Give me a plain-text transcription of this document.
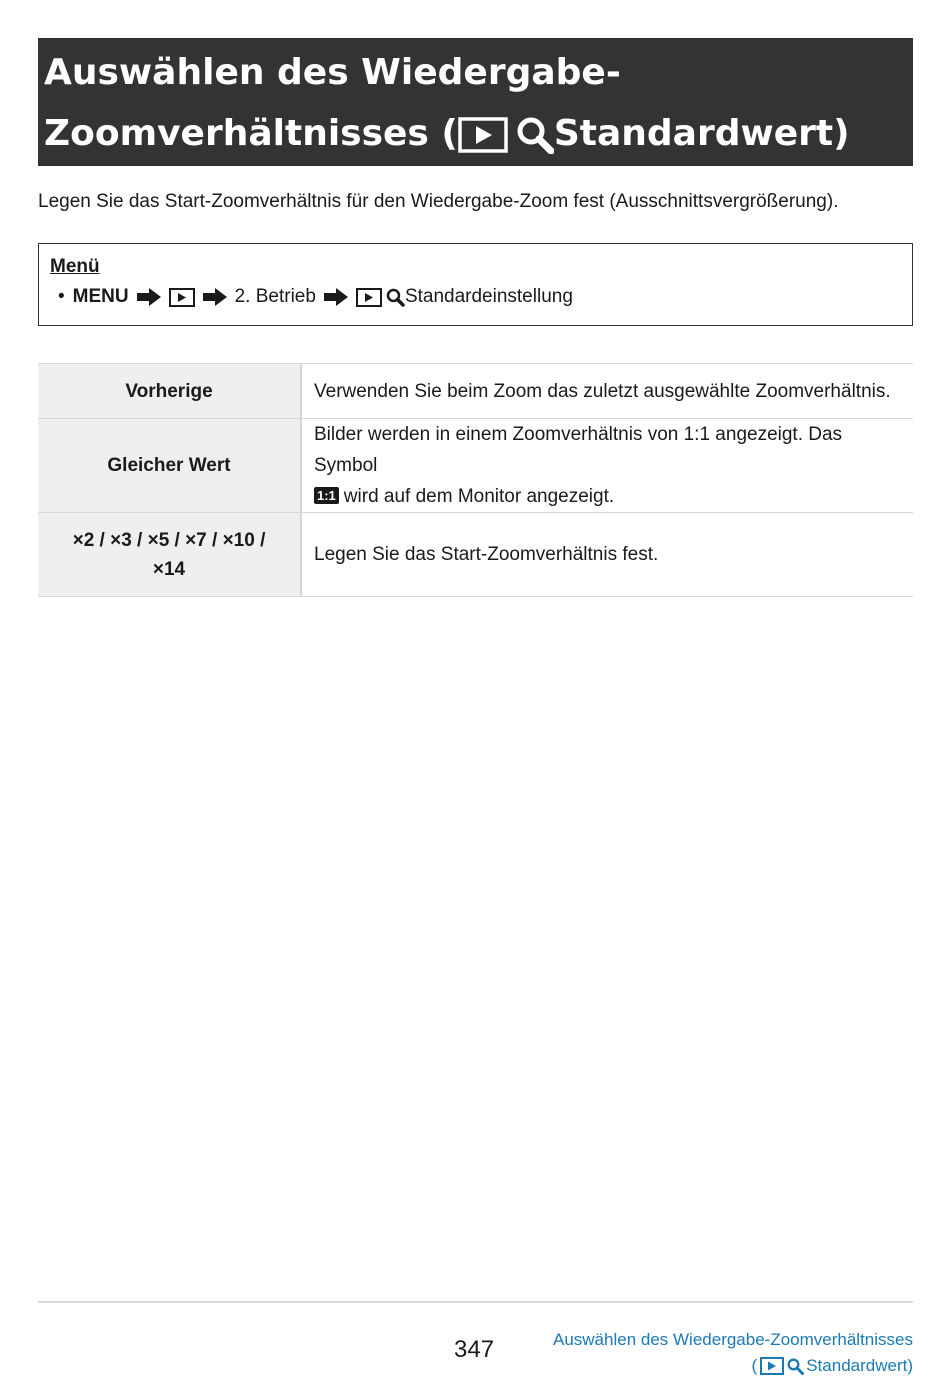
Auswählen des Wiedergabe-
Zoomverhältnisses (	Standardwert)
Legen Sie das Start-Zoomverhältnis für den Wiedergabe-Zoom fest (Ausschnittsvergrößerung).
Menü
• MENU	2. Betrieb	Standardeinstellung
Vorherige	Verwenden Sie beim Zoom das zuletzt ausgewählte Zoomverhältnis.
Gleicher Wert	Bilder werden in einem Zoomverhältnis von 1:1 angezeigt. Das Symbol
1:1 wird auf dem Monitor angezeigt.
×2 / ×3 / ×5 / ×7 / ×10 /
×14	Legen Sie das Start-Zoomverhältnis fest.
347	Auswählen des Wiedergabe-Zoomverhältnisses
(	Standardwert)
